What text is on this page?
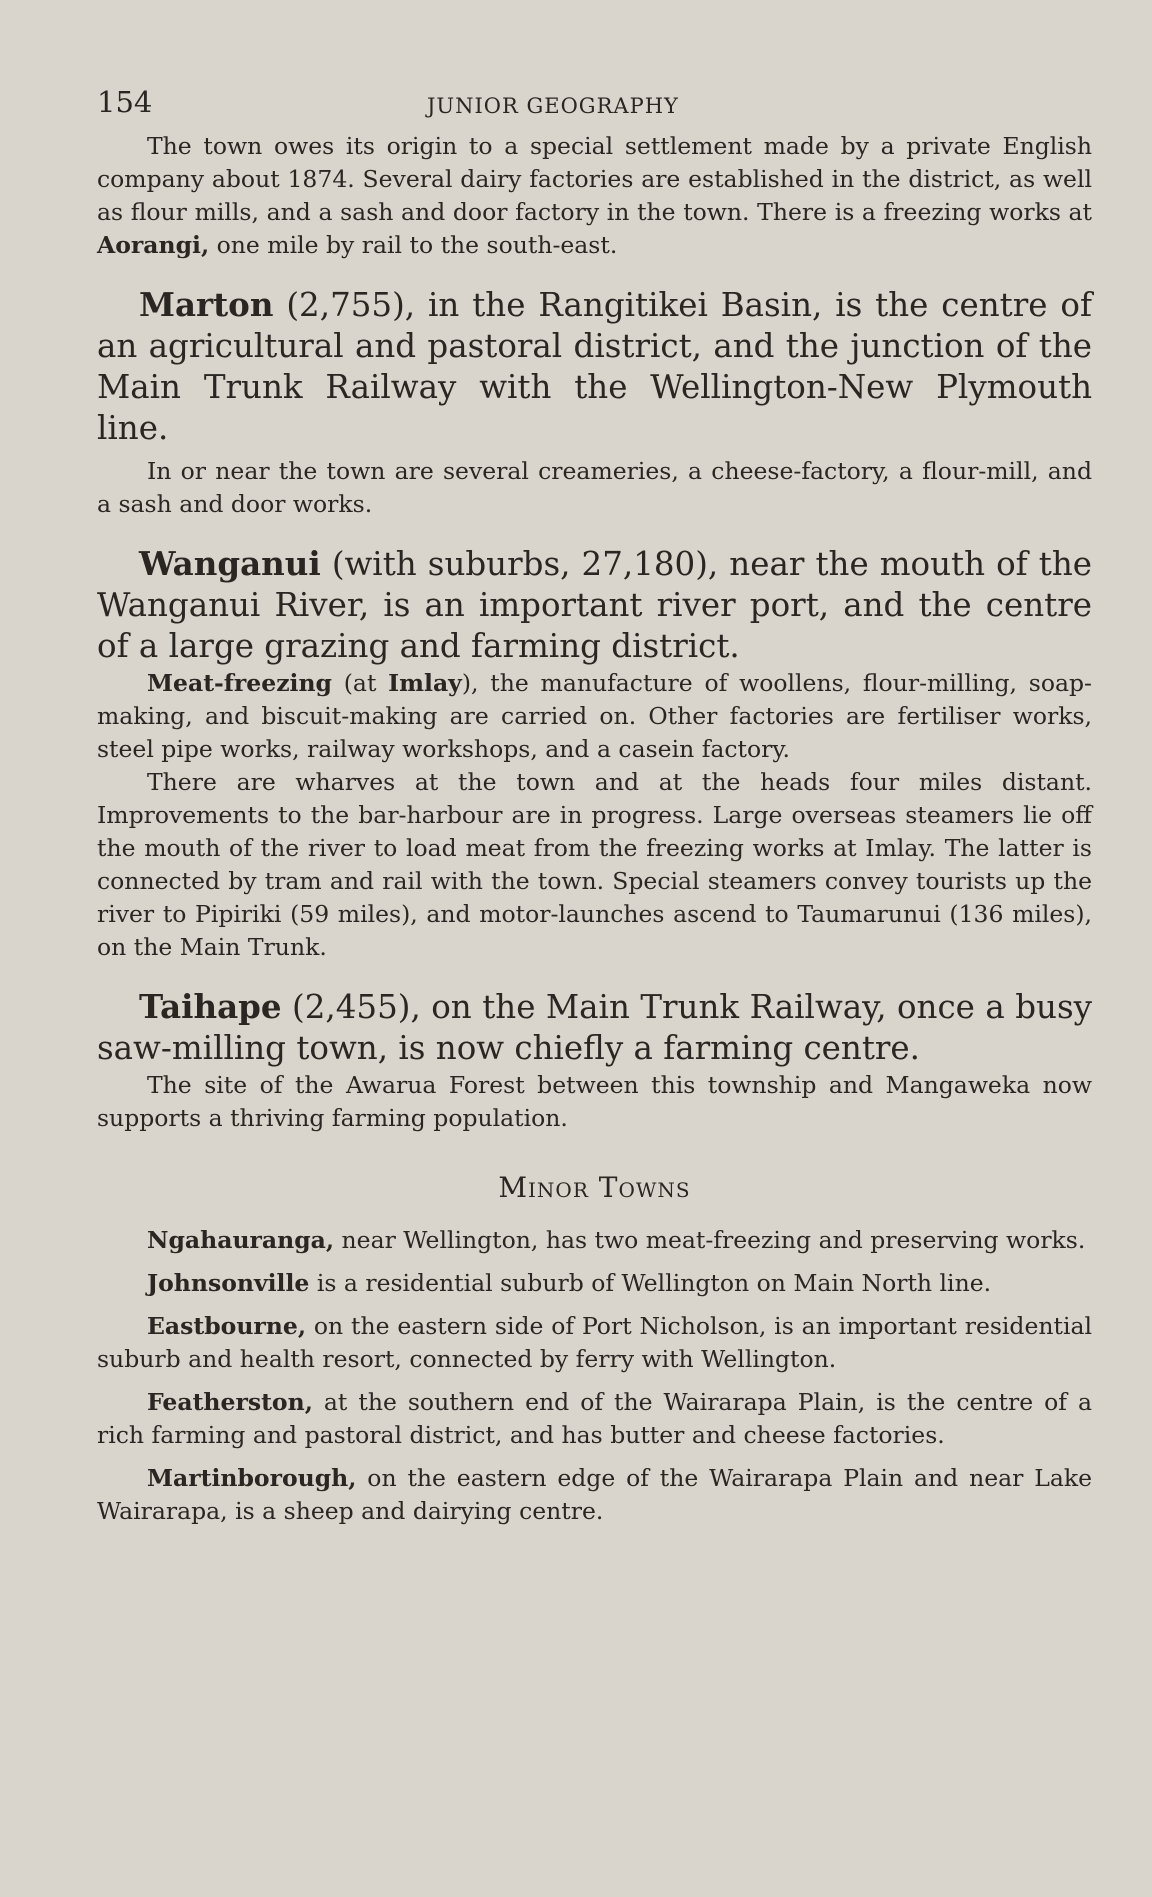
154	JUNIOR GEOGRAPHY

The town owes its origin to a special settlement made by a private English company about 1874. Several dairy factories are established in the district, as well as flour mills, and a sash and door factory in the town. There is a freezing works at Aorangi, one mile by rail to the south-east.

Marton (2,755), in the Rangitikei Basin, is the centre of an agricultural and pastoral district, and the junction of the Main Trunk Railway with the Wellington-New Plymouth line.

In or near the town are several creameries, a cheese-factory, a flour-mill, and a sash and door works.

Wanganui (with suburbs, 27,180), near the mouth of the Wanganui River, is an important river port, and the centre of a large grazing and farming district.

Meat-freezing (at Imlay), the manufacture of woollens, flour-milling, soap-making, and biscuit-making are carried on. Other factories are fertiliser works, steel pipe works, railway workshops, and a casein factory.

There are wharves at the town and at the heads four miles distant. Improvements to the bar-harbour are in progress. Large overseas steamers lie off the mouth of the river to load meat from the freezing works at Imlay. The latter is connected by tram and rail with the town. Special steamers convey tourists up the river to Pipiriki (59 miles), and motor-launches ascend to Taumarunui (136 miles), on the Main Trunk.

Taihape (2,455), on the Main Trunk Railway, once a busy saw-milling town, is now chiefly a farming centre.

The site of the Awarua Forest between this township and Mangaweka now supports a thriving farming population.

Minor Towns

Ngahauranga, near Wellington, has two meat-freezing and preserving works.

Johnsonville is a residential suburb of Wellington on Main North line.

Eastbourne, on the eastern side of Port Nicholson, is an important residential suburb and health resort, connected by ferry with Wellington.

Featherston, at the southern end of the Wairarapa Plain, is the centre of a rich farming and pastoral district, and has butter and cheese factories.

Martinborough, on the eastern edge of the Wairarapa Plain and near Lake Wairarapa, is a sheep and dairying centre.
